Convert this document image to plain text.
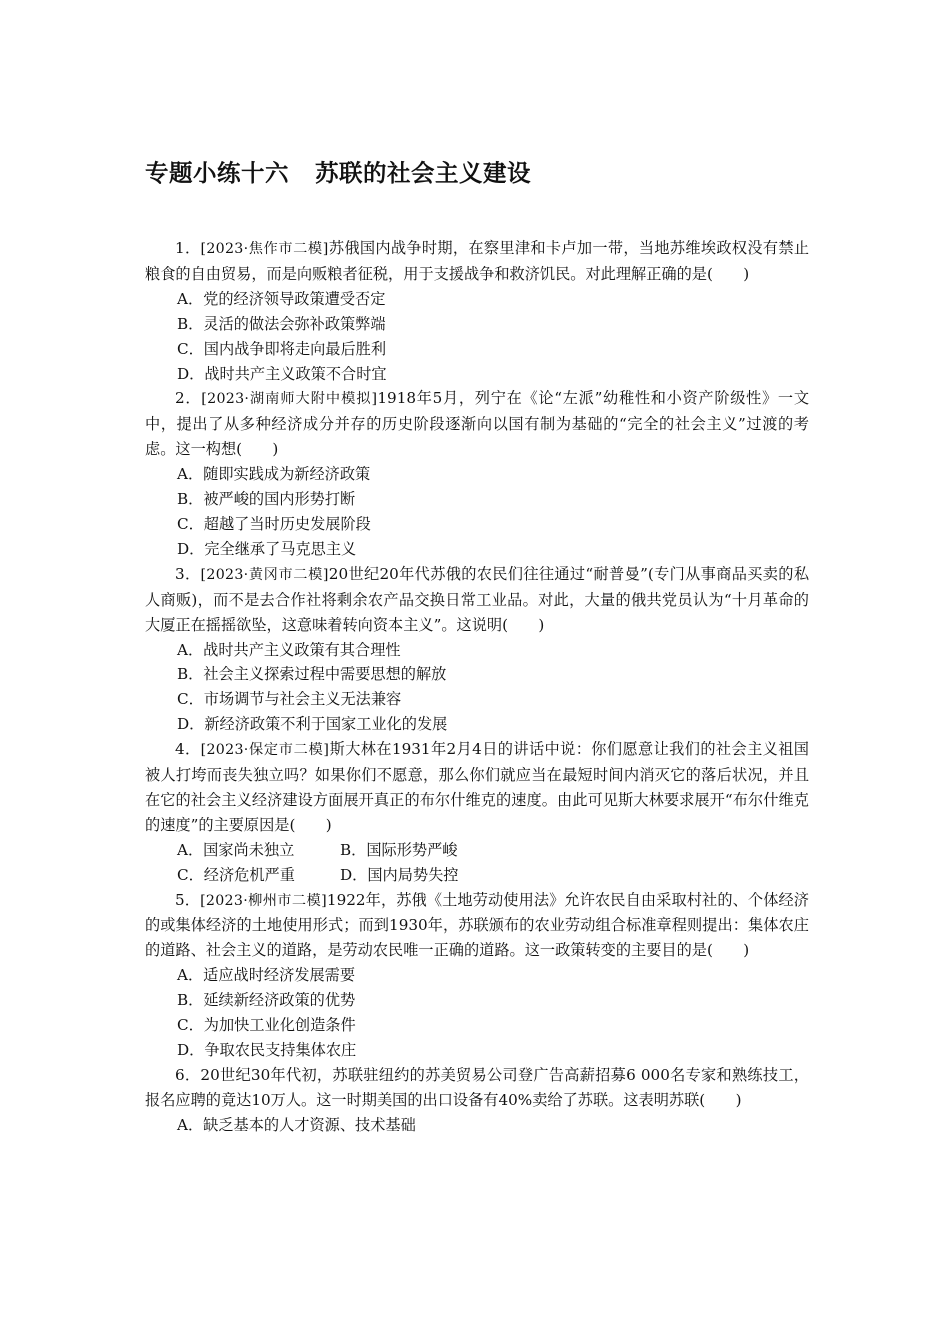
专题小练十六 苏联的社会主义建设

1．[2023·焦作市二模]苏俄国内战争时期，在察里津和卡卢加一带，当地苏维埃政权没有禁止粮食的自由贸易，而是向贩粮者征税，用于支援战争和救济饥民。对此理解正确的是(　　)

A．党的经济领导政策遭受否定

B．灵活的做法会弥补政策弊端

C．国内战争即将走向最后胜利

D．战时共产主义政策不合时宜

2．[2023·湖南师大附中模拟]1918年5月，列宁在《论“左派”幼稚性和小资产阶级性》一文中，提出了从多种经济成分并存的历史阶段逐渐向以国有制为基础的“完全的社会主义”过渡的考虑。这一构想(　　)

A．随即实践成为新经济政策

B．被严峻的国内形势打断

C．超越了当时历史发展阶段

D．完全继承了马克思主义

3．[2023·黄冈市二模]20世纪20年代苏俄的农民们往往通过“耐普曼”(专门从事商品买卖的私人商贩)，而不是去合作社将剩余农产品交换日常工业品。对此，大量的俄共党员认为“十月革命的大厦正在摇摇欲坠，这意味着转向资本主义”。这说明(　　)

A．战时共产主义政策有其合理性

B．社会主义探索过程中需要思想的解放

C．市场调节与社会主义无法兼容

D．新经济政策不利于国家工业化的发展

4．[2023·保定市二模]斯大林在1931年2月4日的讲话中说：你们愿意让我们的社会主义祖国被人打垮而丧失独立吗？如果你们不愿意，那么你们就应当在最短时间内消灭它的落后状况，并且在它的社会主义经济建设方面展开真正的布尔什维克的速度。由此可见斯大林要求展开“布尔什维克的速度”的主要原因是(　　)

A．国家尚未独立	B．国际形势严峻

C．经济危机严重	D．国内局势失控

5．[2023·柳州市二模]1922年，苏俄《土地劳动使用法》允许农民自由采取村社的、个体经济的或集体经济的土地使用形式；而到1930年，苏联颁布的农业劳动组合标准章程则提出：集体农庄的道路、社会主义的道路，是劳动农民唯一正确的道路。这一政策转变的主要目的是(　　)

A．适应战时经济发展需要

B．延续新经济政策的优势

C．为加快工业化创造条件

D．争取农民支持集体农庄

6．20世纪30年代初，苏联驻纽约的苏美贸易公司登广告高薪招募6 000名专家和熟练技工，报名应聘的竟达10万人。这一时期美国的出口设备有40%卖给了苏联。这表明苏联(　　)

A．缺乏基本的人才资源、技术基础
